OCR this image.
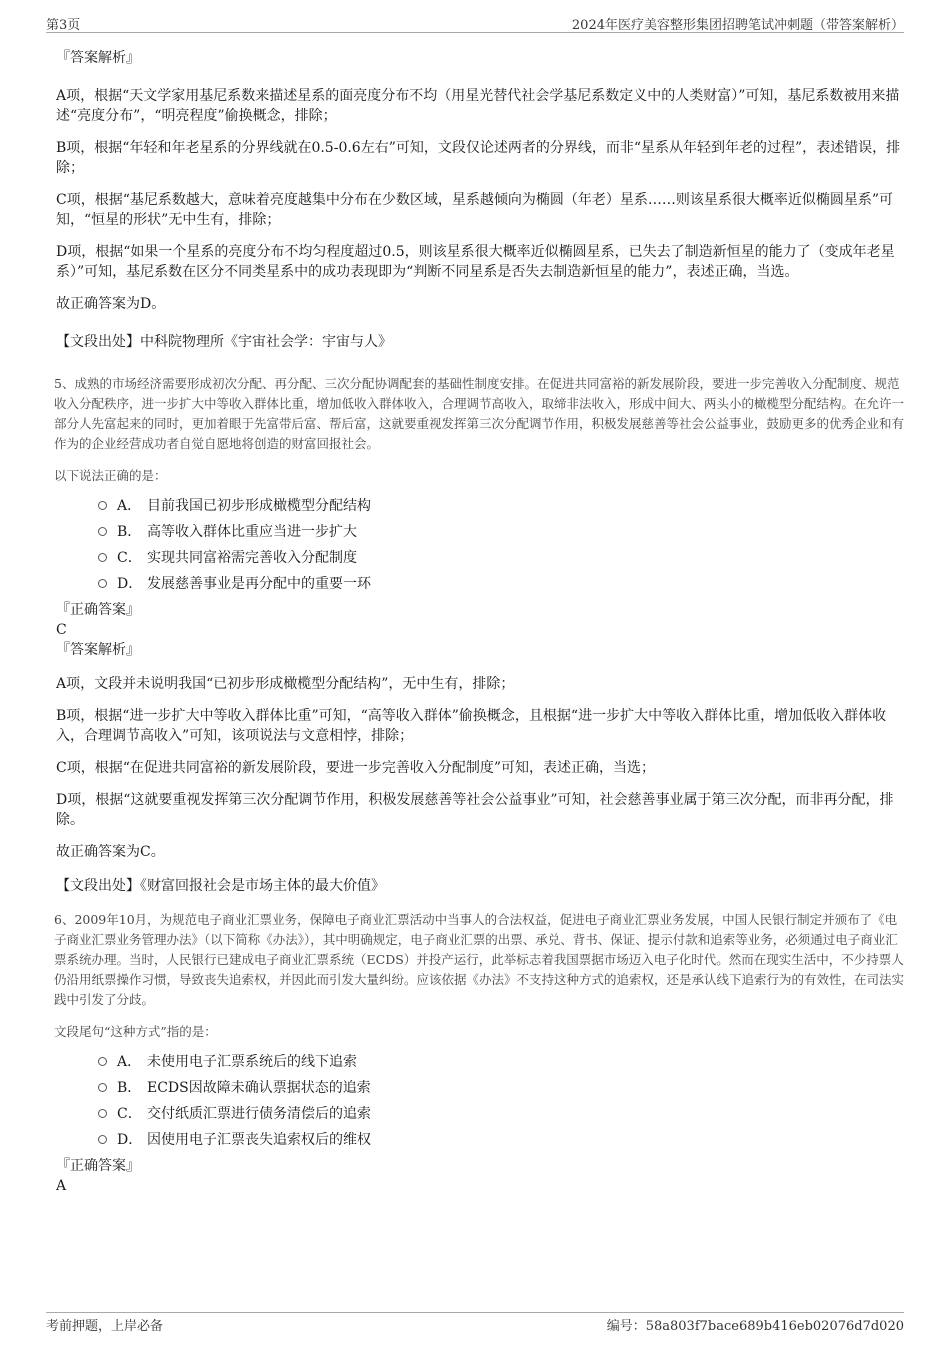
第3页	2024年医疗美容整形集团招聘笔试冲刺题（带答案解析）

『答案解析』

A项，根据“天文学家用基尼系数来描述星系的面亮度分布不均（用星光替代社会学基尼系数定义中的人类财富）”可知，基尼系数被用来描述“亮度分布”，“明亮程度”偷换概念，排除；

B项，根据“年轻和年老星系的分界线就在0.5-0.6左右”可知，文段仅论述两者的分界线，而非“星系从年轻到年老的过程”，表述错误，排除；

C项，根据“基尼系数越大，意味着亮度越集中分布在少数区域，星系越倾向为椭圆（年老）星系……则该星系很大概率近似椭圆星系”可知，“恒星的形状”无中生有，排除；

D项，根据“如果一个星系的亮度分布不均匀程度超过0.5，则该星系很大概率近似椭圆星系，已失去了制造新恒星的能力了（变成年老星系）”可知，基尼系数在区分不同类星系中的成功表现即为“判断不同星系是否失去制造新恒星的能力”，表述正确，当选。

故正确答案为D。

【文段出处】中科院物理所《宇宙社会学：宇宙与人》

5、成熟的市场经济需要形成初次分配、再分配、三次分配协调配套的基础性制度安排。在促进共同富裕的新发展阶段，要进一步完善收入分配制度、规范收入分配秩序，进一步扩大中等收入群体比重，增加低收入群体收入，合理调节高收入，取缔非法收入，形成中间大、两头小的橄榄型分配结构。在允许一部分人先富起来的同时，更加着眼于先富带后富、帮后富，这就要重视发挥第三次分配调节作用，积极发展慈善等社会公益事业，鼓励更多的优秀企业和有作为的企业经营成功者自觉自愿地将创造的财富回报社会。

以下说法正确的是：

A． 目前我国已初步形成橄榄型分配结构
B． 高等收入群体比重应当进一步扩大
C． 实现共同富裕需完善收入分配制度
D． 发展慈善事业是再分配中的重要一环

『正确答案』

C

『答案解析』

A项，文段并未说明我国“已初步形成橄榄型分配结构”，无中生有，排除；

B项，根据“进一步扩大中等收入群体比重”可知，“高等收入群体”偷换概念，且根据“进一步扩大中等收入群体比重，增加低收入群体收入，合理调节高收入”可知，该项说法与文意相悖，排除；

C项，根据“在促进共同富裕的新发展阶段，要进一步完善收入分配制度”可知，表述正确，当选；

D项，根据“这就要重视发挥第三次分配调节作用，积极发展慈善等社会公益事业”可知，社会慈善事业属于第三次分配，而非再分配，排除。

故正确答案为C。

【文段出处】《财富回报社会是市场主体的最大价值》

6、2009年10月，为规范电子商业汇票业务，保障电子商业汇票活动中当事人的合法权益，促进电子商业汇票业务发展，中国人民银行制定并颁布了《电子商业汇票业务管理办法》（以下简称《办法》），其中明确规定，电子商业汇票的出票、承兑、背书、保证、提示付款和追索等业务，必须通过电子商业汇票系统办理。当时，人民银行已建成电子商业汇票系统（ECDS）并投产运行，此举标志着我国票据市场迈入电子化时代。然而在现实生活中，不少持票人仍沿用纸票操作习惯，导致丧失追索权，并因此而引发大量纠纷。应该依据《办法》不支持这种方式的追索权，还是承认线下追索行为的有效性，在司法实践中引发了分歧。

文段尾句“这种方式”指的是：

A． 未使用电子汇票系统后的线下追索
B． ECDS因故障未确认票据状态的追索
C． 交付纸质汇票进行债务清偿后的追索
D． 因使用电子汇票丧失追索权后的维权

『正确答案』

A

考前押题，上岸必备	编号：58a803f7bace689b416eb02076d7d020
